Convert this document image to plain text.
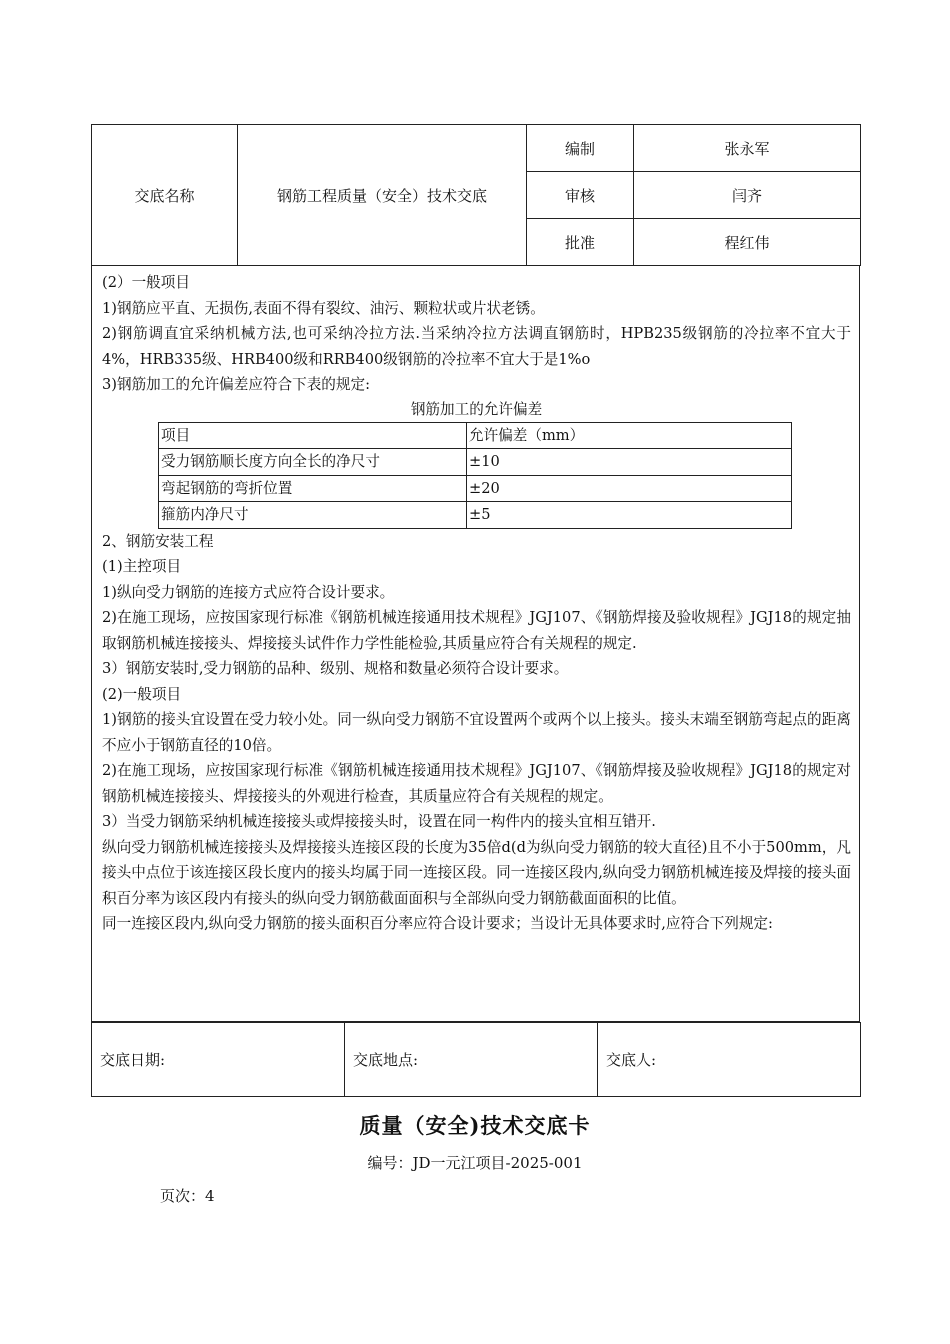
交底名称	钢筋工程质量（安全）技术交底	编制	张永军
		审核	闫齐
		批准	程红伟

(2）一般项目

1)钢筋应平直、无损伤,表面不得有裂纹、油污、颗粒状或片状老锈。

2)钢筋调直宜采纳机械方法,也可采纳冷拉方法.当采纳冷拉方法调直钢筋时，HPB235级钢筋的冷拉率不宜大于4%，HRB335级、HRB400级和RRB400级钢筋的冷拉率不宜大于是1%o

3)钢筋加工的允许偏差应符合下表的规定:

钢筋加工的允许偏差
项目	允许偏差（mm）
受力钢筋顺长度方向全长的净尺寸	±10
弯起钢筋的弯折位置	±20
箍筋内净尺寸	±5

2、钢筋安装工程

(1)主控项目

1)纵向受力钢筋的连接方式应符合设计要求。

2)在施工现场，应按国家现行标准《钢筋机械连接通用技术规程》JGJ107、《钢筋焊接及验收规程》JGJ18的规定抽取钢筋机械连接接头、焊接接头试件作力学性能检验,其质量应符合有关规程的规定.

3）钢筋安装时,受力钢筋的品种、级别、规格和数量必须符合设计要求。

(2)一般项目

1)钢筋的接头宜设置在受力较小处。同一纵向受力钢筋不宜设置两个或两个以上接头。接头末端至钢筋弯起点的距离不应小于钢筋直径的10倍。

2)在施工现场，应按国家现行标准《钢筋机械连接通用技术规程》JGJ107、《钢筋焊接及验收规程》JGJ18的规定对钢筋机械连接接头、焊接接头的外观进行检查，其质量应符合有关规程的规定。

3）当受力钢筋采纳机械连接接头或焊接接头时，设置在同一构件内的接头宜相互错开.

纵向受力钢筋机械连接接头及焊接接头连接区段的长度为35倍d(d为纵向受力钢筋的较大直径)且不小于500mm，凡接头中点位于该连接区段长度内的接头均属于同一连接区段。同一连接区段内,纵向受力钢筋机械连接及焊接的接头面积百分率为该区段内有接头的纵向受力钢筋截面面积与全部纵向受力钢筋截面面积的比值。

同一连接区段内,纵向受力钢筋的接头面积百分率应符合设计要求；当设计无具体要求时,应符合下列规定:

交底日期:	交底地点:	交底人:
质量（安全)技术交底卡
编号：JD一元江项目-2025-001
页次：4
